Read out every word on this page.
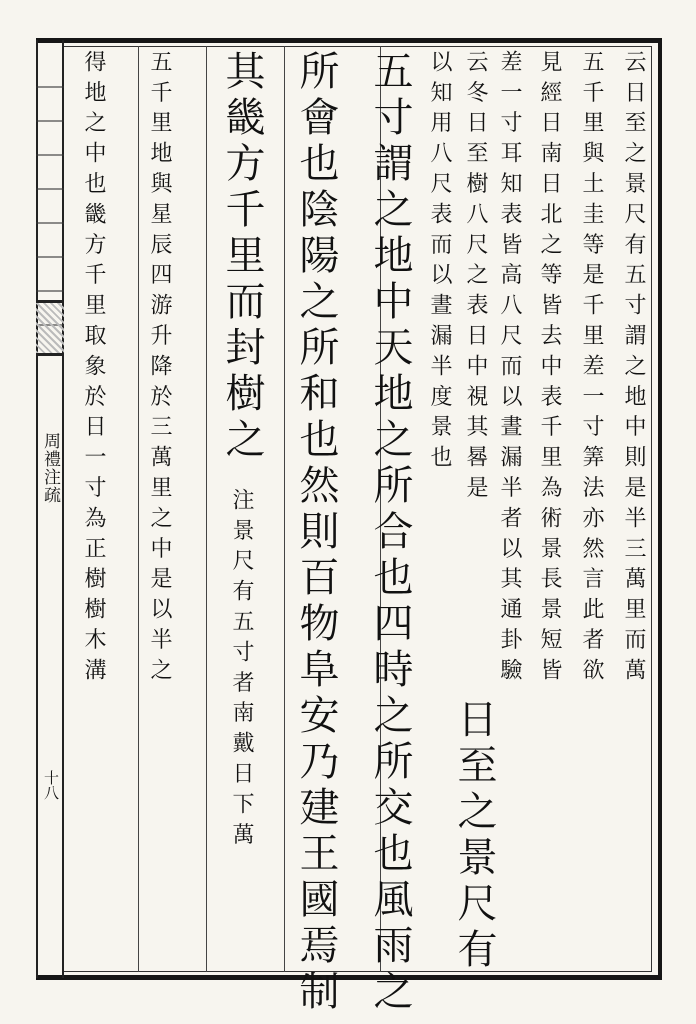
周禮注疏
十八
云日至之景尺有五寸謂之地中則是半三萬里而萬
五千里與土圭等是千里差一寸筭法亦然言此者欲
見經日南日北之等皆去中表千里為術景長景短皆
差一寸耳知表皆高八尺而以晝漏半者以其通卦驗
云冬日至樹八尺之表日中視其晷是
以知用八尺表而以晝漏半度景也
日至之景尺有
五寸謂之地中天地之所合也四時之所交也風雨之
所會也陰陽之所和也然則百物阜安乃建王國焉制
其畿方千里而封樹之
注景尺有五寸者南戴日下萬
五千里地與星辰四游升降於三萬里之中是以半之
得地之中也畿方千里取象於日一寸為正樹樹木溝
